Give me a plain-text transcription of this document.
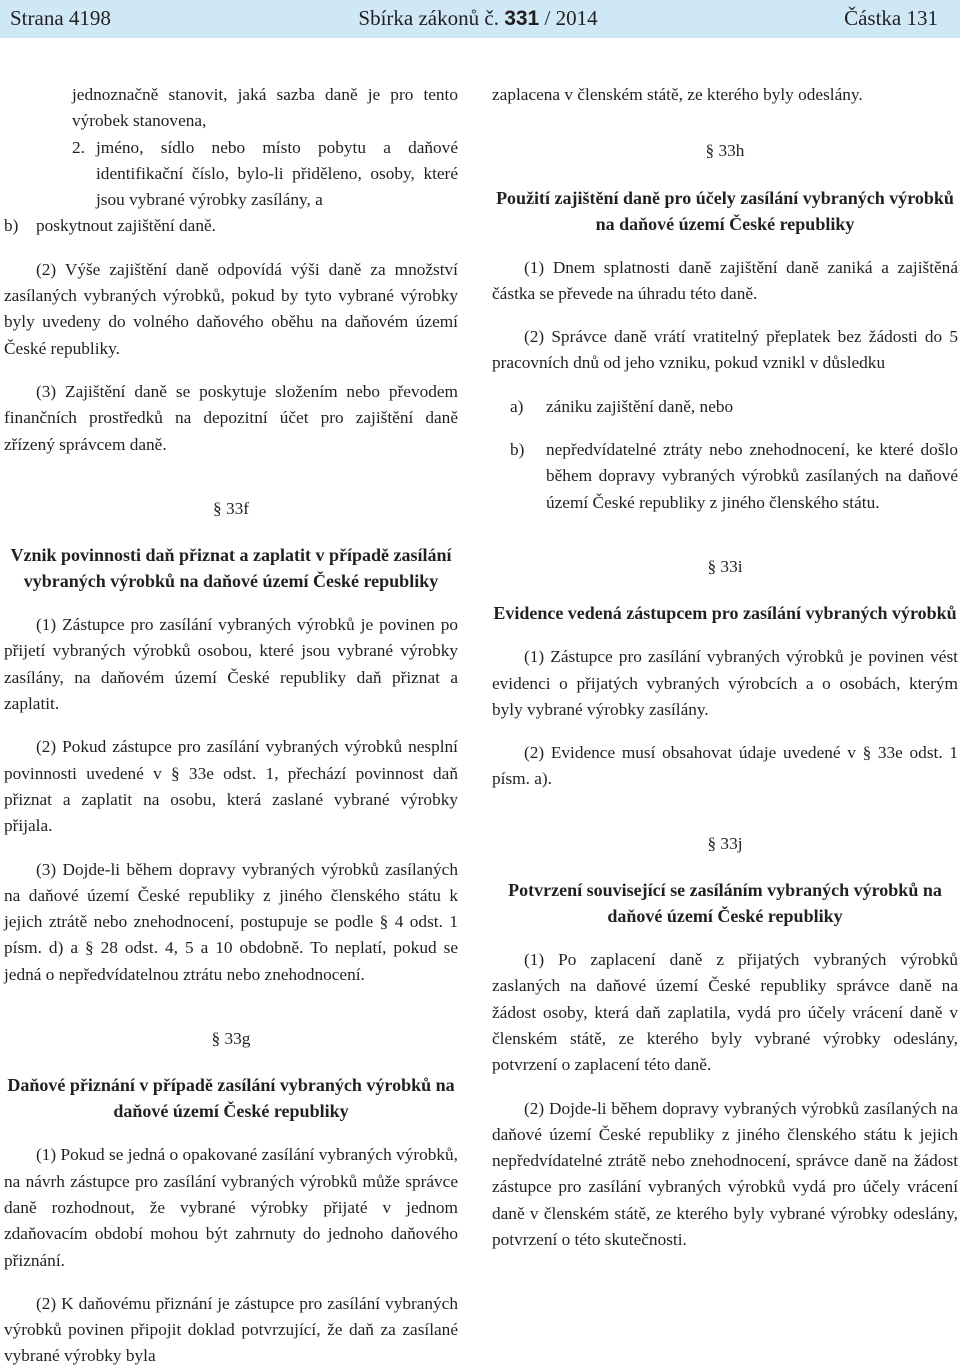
Strana 4198	Sbírka zákonů č. 331 / 2014	Částka 131

jednoznačně stanovit, jaká sazba daně je pro tento výrobek stanovena,

2. jméno, sídlo nebo místo pobytu a daňové identifikační číslo, bylo-li přiděleno, osoby, které jsou vybrané výrobky zasílány, a
b)	poskytnout zajištění daně.

(2) Výše zajištění daně odpovídá výši daně za množství zasílaných vybraných výrobků, pokud by tyto vybrané výrobky byly uvedeny do volného daňového oběhu na daňovém území České republiky.

(3) Zajištění daně se poskytuje složením nebo převodem finančních prostředků na depozitní účet pro zajištění daně zřízený správcem daně.

§ 33f

Vznik povinnosti daň přiznat a zaplatit v případě zasílání vybraných výrobků na daňové území České republiky

(1) Zástupce pro zasílání vybraných výrobků je povinen po přijetí vybraných výrobků osobou, které jsou vybrané výrobky zasílány, na daňovém území České republiky daň přiznat a zaplatit.

(2) Pokud zástupce pro zasílání vybraných výrobků nesplní povinnosti uvedené v § 33e odst. 1, přechází povinnost daň přiznat a zaplatit na osobu, která zaslané vybrané výrobky přijala.

(3) Dojde-li během dopravy vybraných výrobků zasílaných na daňové území České republiky z jiného členského státu k jejich ztrátě nebo znehodnocení, postupuje se podle § 4 odst. 1 písm. d) a § 28 odst. 4, 5 a 10 obdobně. To neplatí, pokud se jedná o nepředvídatelnou ztrátu nebo znehodnocení.

§ 33g

Daňové přiznání v případě zasílání vybraných výrobků na daňové území České republiky

(1) Pokud se jedná o opakované zasílání vybraných výrobků, na návrh zástupce pro zasílání vybraných výrobků může správce daně rozhodnout, že vybrané výrobky přijaté v jednom zdaňovacím období mohou být zahrnuty do jednoho daňového přiznání.

(2) K daňovému přiznání je zástupce pro zasílání vybraných výrobků povinen připojit doklad potvrzující, že daň za zasílané vybrané výrobky byla

zaplacena v členském státě, ze kterého byly odeslány.

§ 33h

Použití zajištění daně pro účely zasílání vybraných výrobků na daňové území České republiky

(1) Dnem splatnosti daně zajištění daně zaniká a zajištěná částka se převede na úhradu této daně.

(2) Správce daně vrátí vratitelný přeplatek bez žádosti do 5 pracovních dnů od jeho vzniku, pokud vznikl v důsledku

a)	zániku zajištění daně, nebo
b)	nepředvídatelné ztráty nebo znehodnocení, ke které došlo během dopravy vybraných výrobků zasílaných na daňové území České republiky z jiného členského státu.

§ 33i

Evidence vedená zástupcem pro zasílání vybraných výrobků

(1) Zástupce pro zasílání vybraných výrobků je povinen vést evidenci o přijatých vybraných výrobcích a o osobách, kterým byly vybrané výrobky zasílány.

(2) Evidence musí obsahovat údaje uvedené v § 33e odst. 1 písm. a).

§ 33j

Potvrzení související se zasíláním vybraných výrobků na daňové území České republiky

(1) Po zaplacení daně z přijatých vybraných výrobků zaslaných na daňové území České republiky správce daně na žádost osoby, která daň zaplatila, vydá pro účely vrácení daně v členském státě, ze kterého byly vybrané výrobky odeslány, potvrzení o zaplacení této daně.

(2) Dojde-li během dopravy vybraných výrobků zasílaných na daňové území České republiky z jiného členského státu k jejich nepředvídatelné ztrátě nebo znehodnocení, správce daně na žádost zástupce pro zasílání vybraných výrobků vydá pro účely vrácení daně v členském státě, ze kterého byly vybrané výrobky odeslány, potvrzení o této skutečnosti.
